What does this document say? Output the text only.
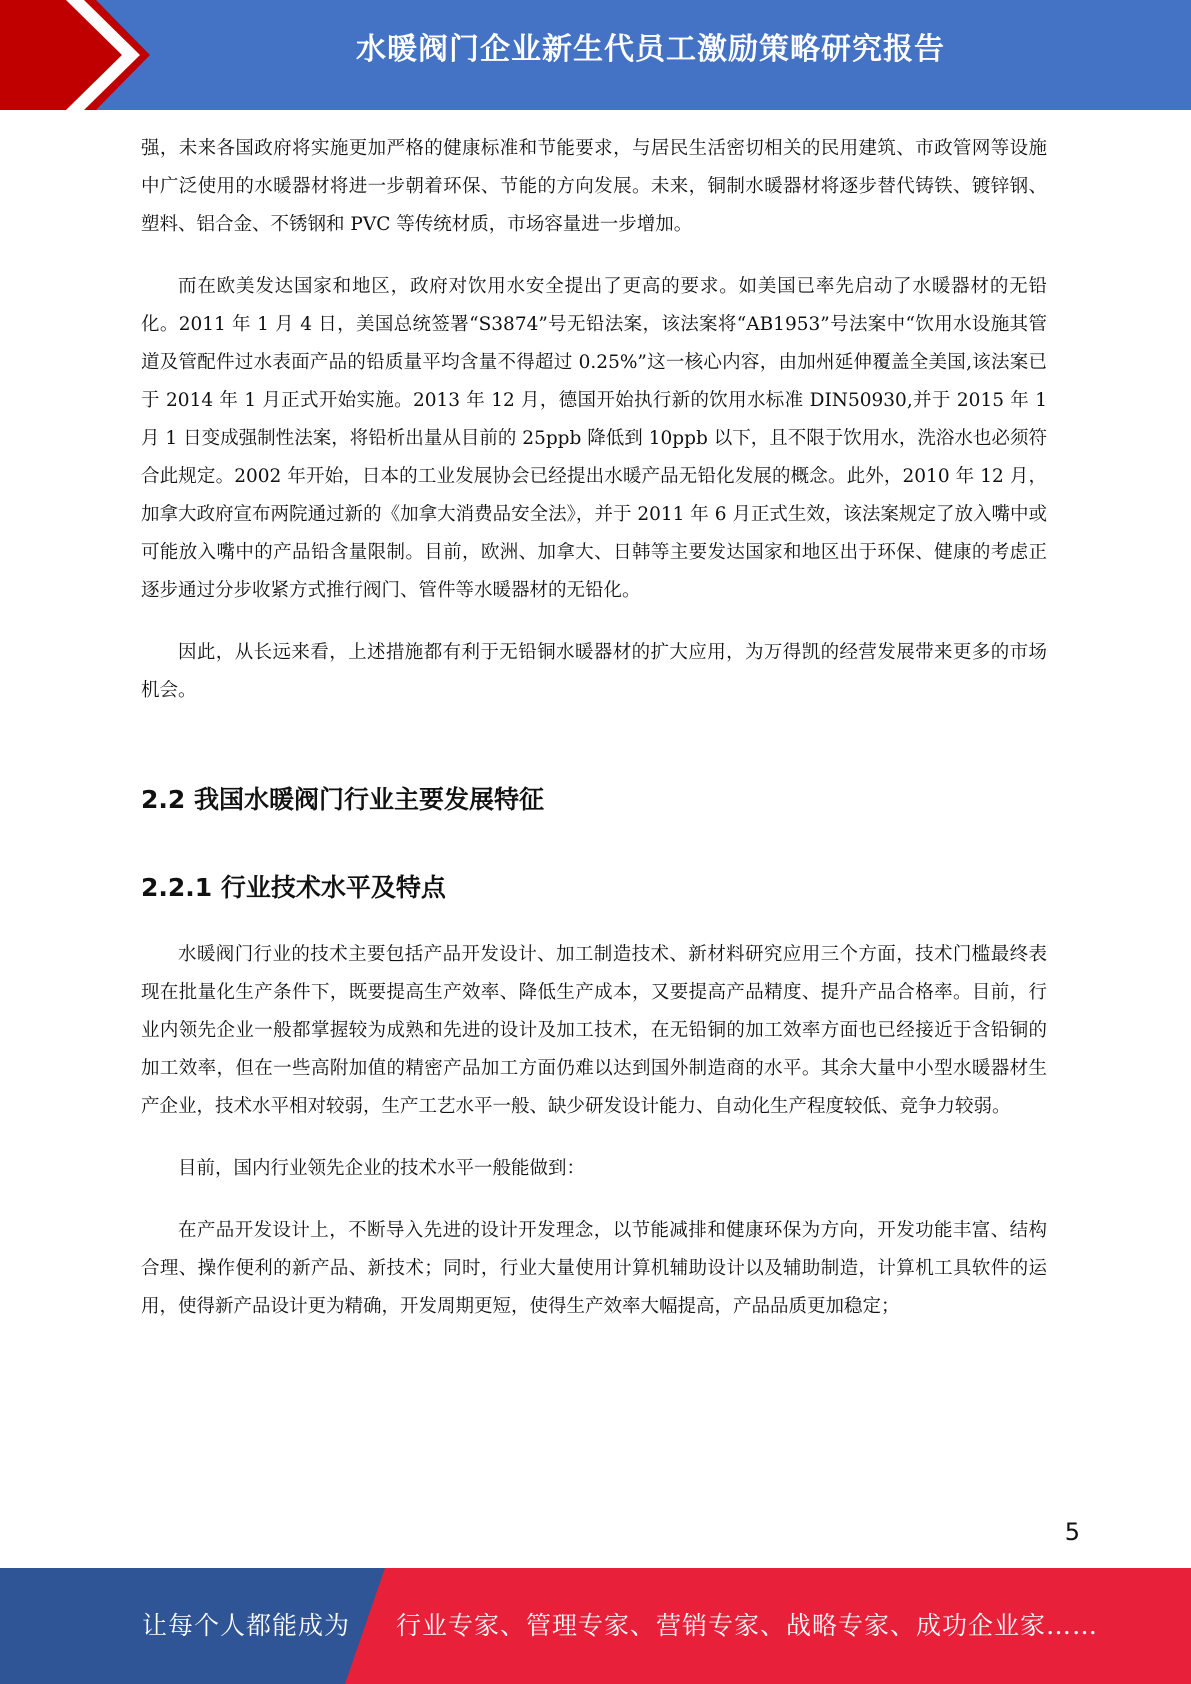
水暖阀门企业新生代员工激励策略研究报告

强，未来各国政府将实施更加严格的健康标准和节能要求，与居民生活密切相关的民用建筑、市政管网等设施中广泛使用的水暖器材将进一步朝着环保、节能的方向发展。未来，铜制水暖器材将逐步替代铸铁、镀锌钢、塑料、铝合金、不锈钢和 PVC 等传统材质，市场容量进一步增加。

而在欧美发达国家和地区，政府对饮用水安全提出了更高的要求。如美国已率先启动了水暖器材的无铅化。2011 年 1 月 4 日，美国总统签署“S3874”号无铅法案，该法案将“AB1953”号法案中“饮用水设施其管道及管配件过水表面产品的铅质量平均含量不得超过 0.25%”这一核心内容，由加州延伸覆盖全美国,该法案已于 2014 年 1 月正式开始实施。2013 年 12 月，德国开始执行新的饮用水标准 DIN50930,并于 2015 年 1 月 1 日变成强制性法案，将铅析出量从目前的 25ppb 降低到 10ppb 以下，且不限于饮用水，洗浴水也必须符合此规定。2002 年开始，日本的工业发展协会已经提出水暖产品无铅化发展的概念。此外，2010 年 12 月，加拿大政府宣布两院通过新的《加拿大消费品安全法》，并于 2011 年 6 月正式生效，该法案规定了放入嘴中或可能放入嘴中的产品铅含量限制。目前，欧洲、加拿大、日韩等主要发达国家和地区出于环保、健康的考虑正逐步通过分步收紧方式推行阀门、管件等水暖器材的无铅化。

因此，从长远来看，上述措施都有利于无铅铜水暖器材的扩大应用，为万得凯的经营发展带来更多的市场机会。

2.2 我国水暖阀门行业主要发展特征
2.2.1 行业技术水平及特点

水暖阀门行业的技术主要包括产品开发设计、加工制造技术、新材料研究应用三个方面，技术门槛最终表现在批量化生产条件下，既要提高生产效率、降低生产成本，又要提高产品精度、提升产品合格率。目前，行业内领先企业一般都掌握较为成熟和先进的设计及加工技术，在无铅铜的加工效率方面也已经接近于含铅铜的加工效率，但在一些高附加值的精密产品加工方面仍难以达到国外制造商的水平。其余大量中小型水暖器材生产企业，技术水平相对较弱，生产工艺水平一般、缺少研发设计能力、自动化生产程度较低、竞争力较弱。

目前，国内行业领先企业的技术水平一般能做到：

在产品开发设计上，不断导入先进的设计开发理念，以节能减排和健康环保为方向，开发功能丰富、结构合理、操作便利的新产品、新技术；同时，行业大量使用计算机辅助设计以及辅助制造，计算机工具软件的运用，使得新产品设计更为精确，开发周期更短，使得生产效率大幅提高，产品品质更加稳定；

5
让每个人都能成为 行业专家、管理专家、营销专家、战略专家、成功企业家……
